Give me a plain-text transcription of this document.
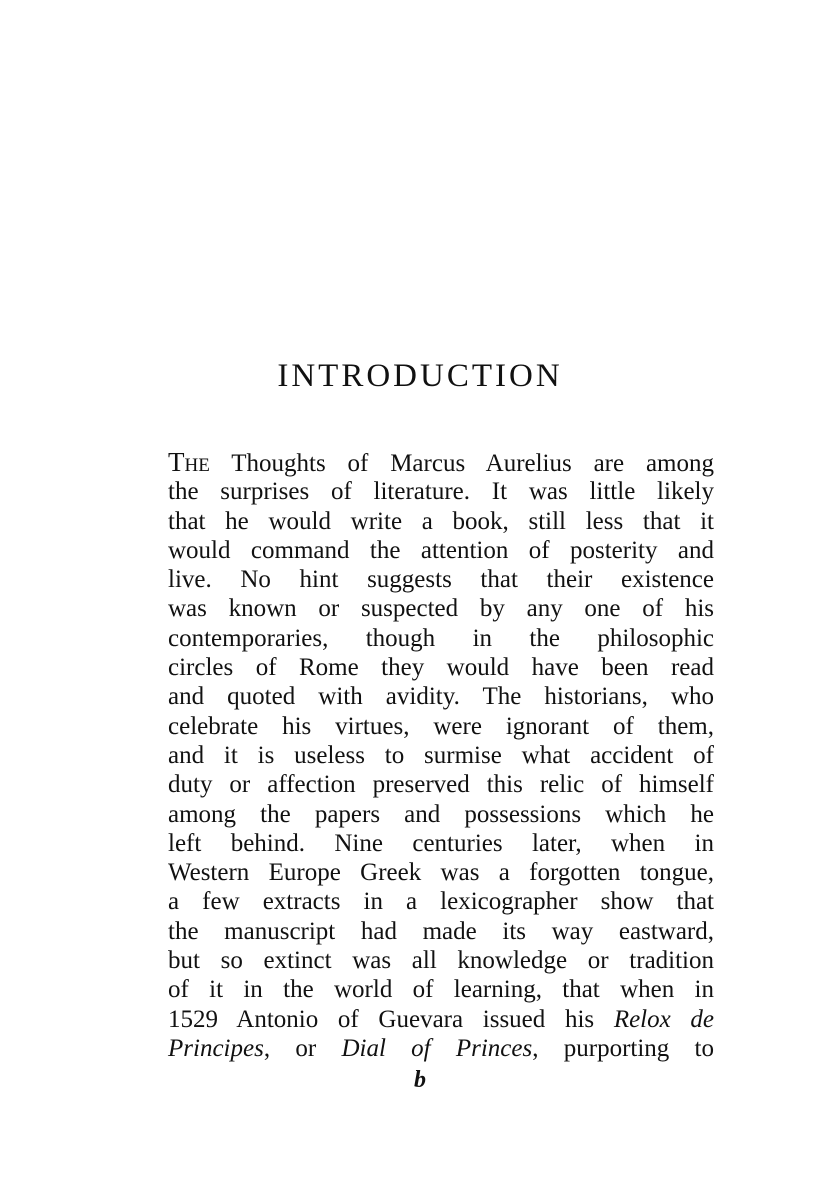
INTRODUCTION
The Thoughts of Marcus Aurelius are among
the surprises of literature. It was little likely
that he would write a book, still less that it
would command the attention of posterity and
live. No hint suggests that their existence
was known or suspected by any one of his
contemporaries, though in the philosophic
circles of Rome they would have been read
and quoted with avidity. The historians, who
celebrate his virtues, were ignorant of them,
and it is useless to surmise what accident of
duty or affection preserved this relic of himself
among the papers and possessions which he
left behind. Nine centuries later, when in
Western Europe Greek was a forgotten tongue,
a few extracts in a lexicographer show that
the manuscript had made its way eastward,
but so extinct was all knowledge or tradition
of it in the world of learning, that when in
1529 Antonio of Guevara issued his Relox de
Principes, or Dial of Princes, purporting to
b
